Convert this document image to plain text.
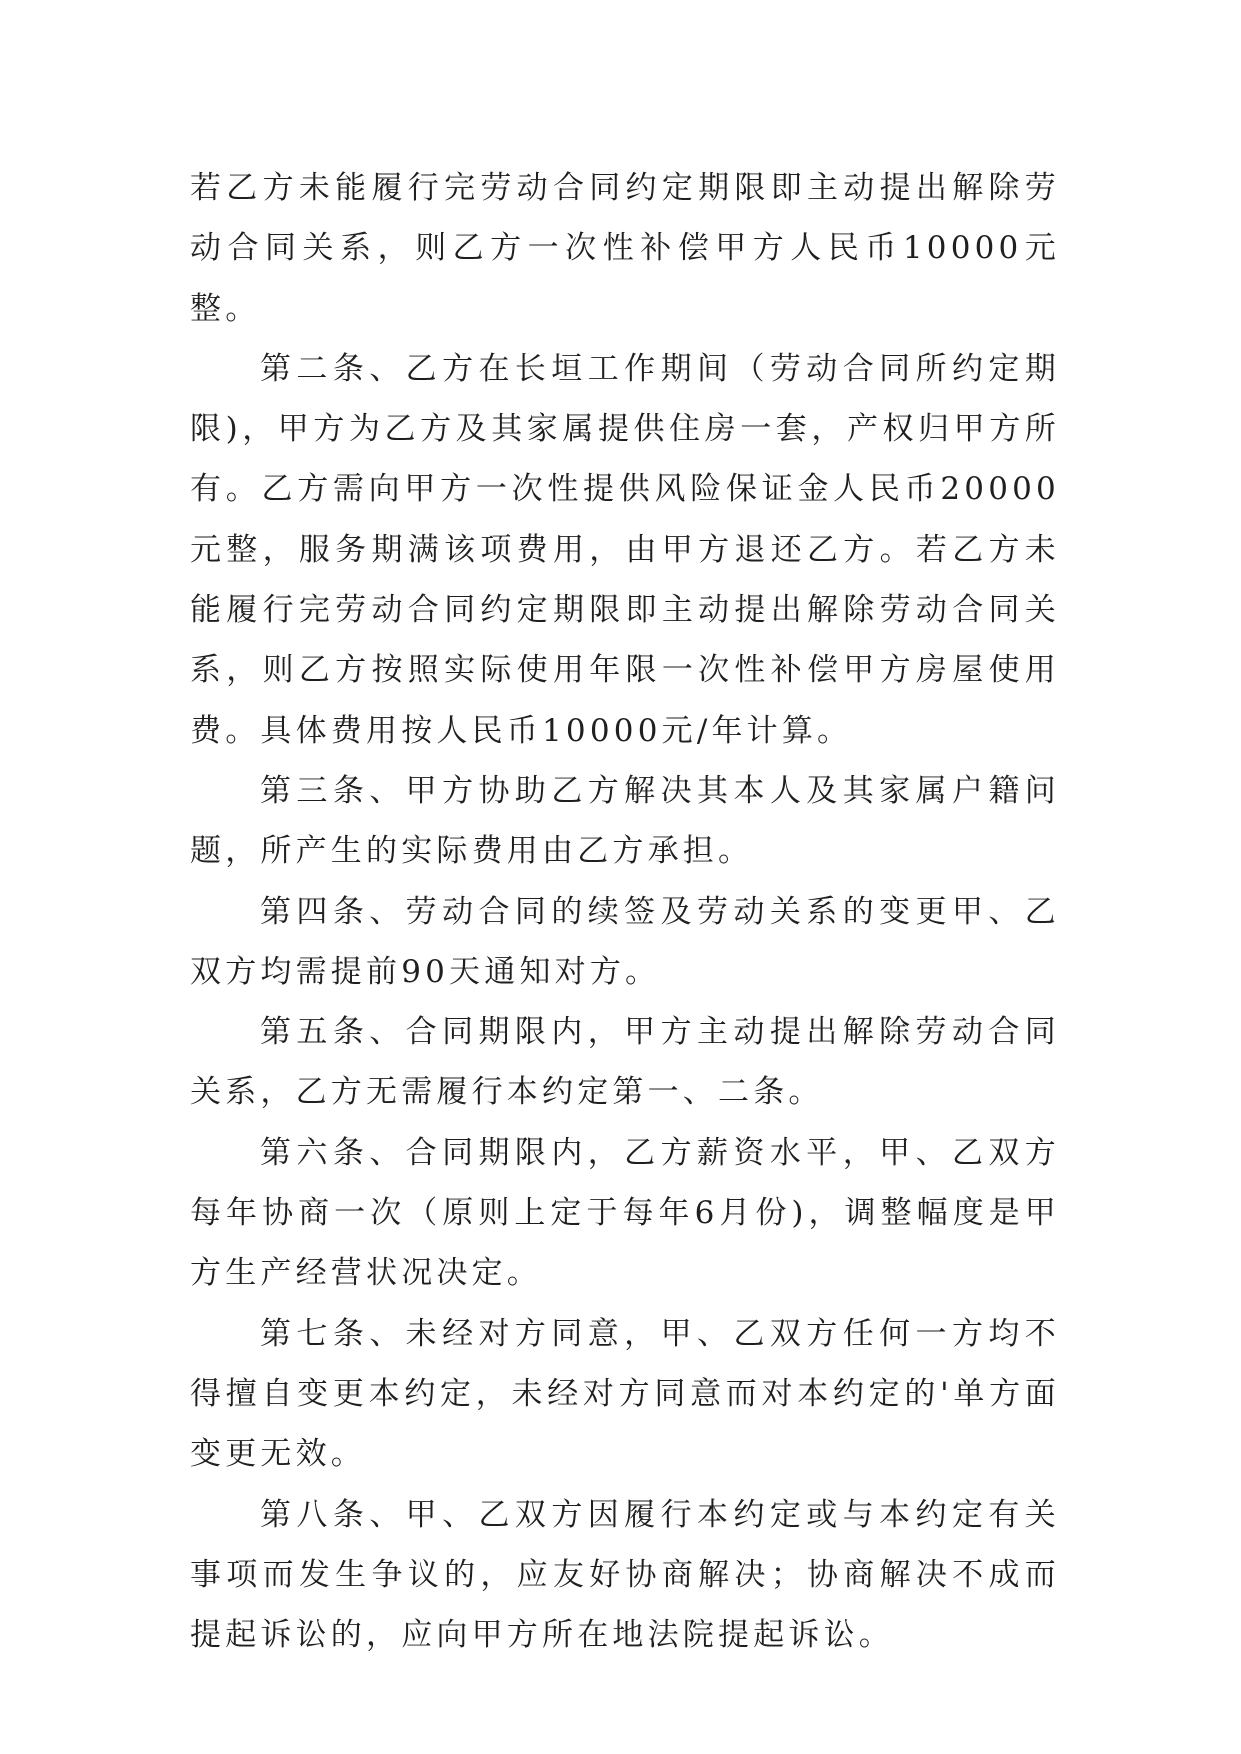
若乙方未能履行完劳动合同约定期限即主动提出解除劳动合同关系，则乙方一次性补偿甲方人民币10000元整。

第二条、乙方在长垣工作期间（劳动合同所约定期限)，甲方为乙方及其家属提供住房一套，产权归甲方所有。乙方需向甲方一次性提供风险保证金人民币20000元整，服务期满该项费用，由甲方退还乙方。若乙方未能履行完劳动合同约定期限即主动提出解除劳动合同关系，则乙方按照实际使用年限一次性补偿甲方房屋使用费。具体费用按人民币10000元/年计算。

第三条、甲方协助乙方解决其本人及其家属户籍问题，所产生的实际费用由乙方承担。

第四条、劳动合同的续签及劳动关系的变更甲、乙双方均需提前90天通知对方。

第五条、合同期限内，甲方主动提出解除劳动合同关系，乙方无需履行本约定第一、二条。

第六条、合同期限内，乙方薪资水平，甲、乙双方每年协商一次（原则上定于每年6月份)，调整幅度是甲方生产经营状况决定。

第七条、未经对方同意，甲、乙双方任何一方均不得擅自变更本约定，未经对方同意而对本约定的'单方面变更无效。

第八条、甲、乙双方因履行本约定或与本约定有关事项而发生争议的，应友好协商解决；协商解决不成而提起诉讼的，应向甲方所在地法院提起诉讼。
